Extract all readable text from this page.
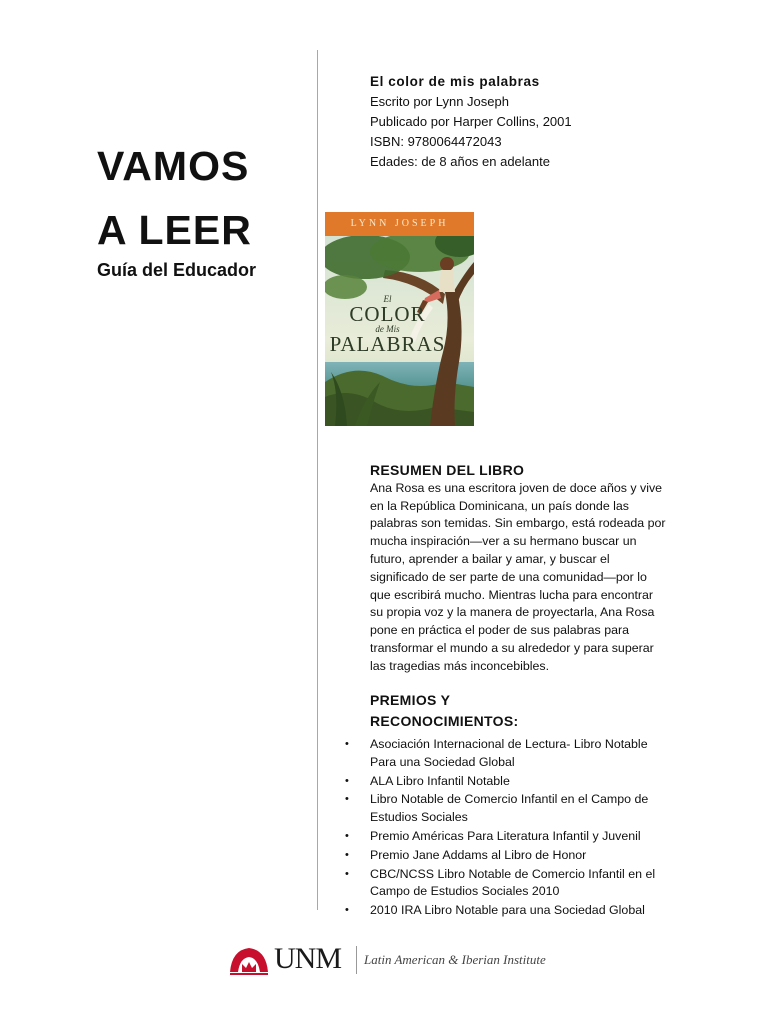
VAMOS
A LEER
Guía del Educador
El color de mis palabras
Escrito por Lynn Joseph
Publicado por Harper Collins, 2001
ISBN: 9780064472043
Edades: de 8 años en adelante
LYNN JOSEPH
El
COLOR
de Mis
PALABRAS
RESUMEN DEL LIBRO
Ana Rosa es una escritora joven de doce años y vive
en la República Dominicana, un país donde las
palabras son temidas. Sin embargo, está rodeada por
mucha inspiración—ver a su hermano buscar un
futuro, aprender a bailar y amar, y buscar el
significado de ser parte de una comunidad—por lo
que escribirá mucho. Mientras lucha para encontrar
su propia voz y la manera de proyectarla, Ana Rosa
pone en práctica el poder de sus palabras para
transformar el mundo a su alrededor y para superar
las tragedias más inconcebibles.
PREMIOS Y
RECONOCIMIENTOS:
• Asociación Internacional de Lectura- Libro Notable
Para una Sociedad Global
• ALA Libro Infantil Notable
• Libro Notable de Comercio Infantil en el Campo de
Estudios Sociales
• Premio Américas Para Literatura Infantil y Juvenil
• Premio Jane Addams al Libro de Honor
• CBC/NCSS Libro Notable de Comercio Infantil en el
Campo de Estudios Sociales 2010
• 2010 IRA Libro Notable para una Sociedad Global
UNM Latin American & Iberian Institute
